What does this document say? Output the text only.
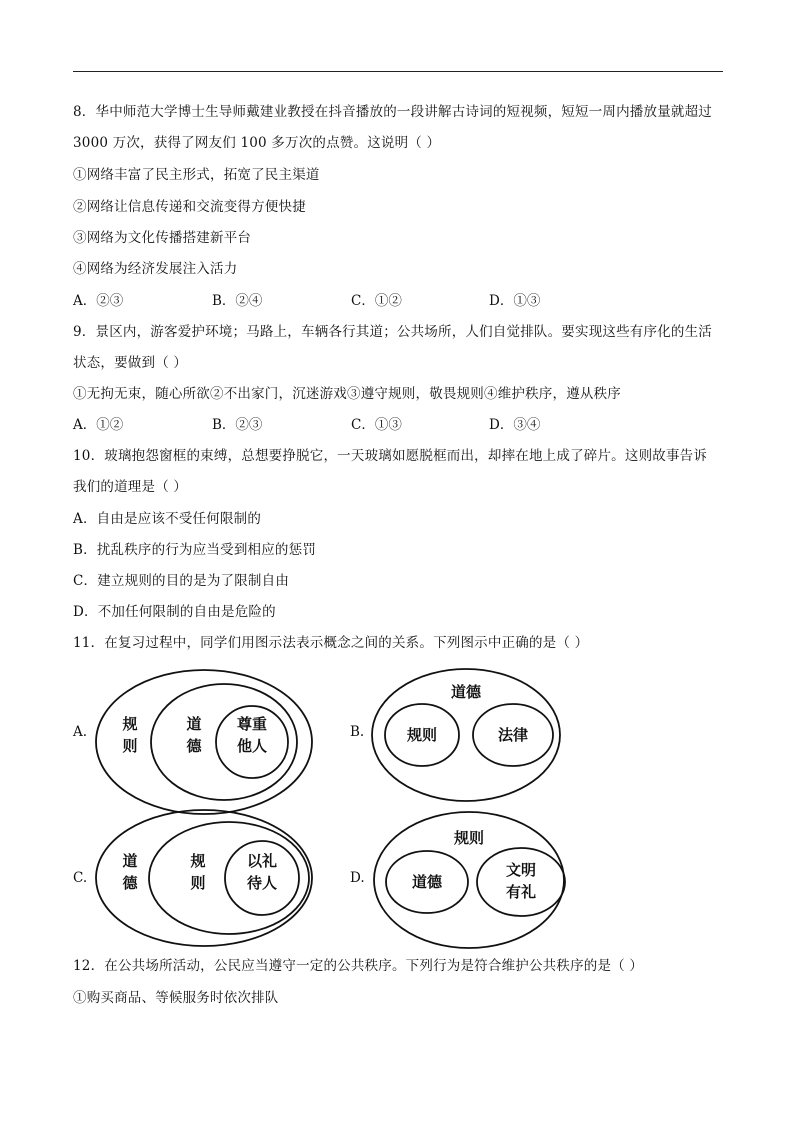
8．华中师范大学博士生导师戴建业教授在抖音播放的一段讲解古诗词的短视频，短短一周内播放量就超过
3000 万次，获得了网友们 100 多万次的点赞。这说明（ ）
①网络丰富了民主形式，拓宽了民主渠道
②网络让信息传递和交流变得方便快捷
③网络为文化传播搭建新平台
④网络为经济发展注入活力
A．②③	B．②④	C．①②	D．①③
9．景区内，游客爱护环境；马路上，车辆各行其道；公共场所，人们自觉排队。要实现这些有序化的生活
状态，要做到（ ）
①无拘无束，随心所欲②不出家门，沉迷游戏③遵守规则，敬畏规则④维护秩序，遵从秩序
A．①②	B．②③	C．①③	D．③④
10．玻璃抱怨窗框的束缚，总想要挣脱它，一天玻璃如愿脱框而出，却摔在地上成了碎片。这则故事告诉
我们的道理是（ ）
A．自由是应该不受任何限制的
B．扰乱秩序的行为应当受到相应的惩罚
C．建立规则的目的是为了限制自由
D．不加任何限制的自由是危险的
11．在复习过程中，同学们用图示法表示概念之间的关系。下列图示中正确的是（ ）
A. 规
则
道
德
尊重
他人
B.
道德
规则	法律
C.
道
德
规
则
以礼
待人	D.
规则
道德
文明
有礼
12．在公共场所活动，公民应当遵守一定的公共秩序。下列行为是符合维护公共秩序的是（ ）
①购买商品、等候服务时依次排队
